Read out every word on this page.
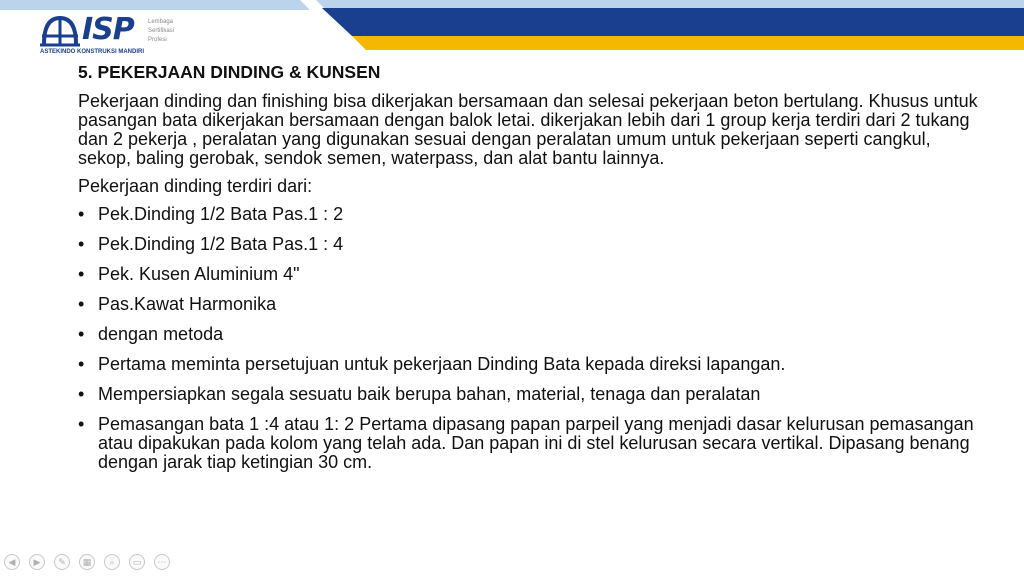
ISP Lembaga Sertifikasi Profesi
ASTEKINDO KONSTRUKSI MANDIRI
5. PEKERJAAN DINDING & KUNSEN
Pekerjaan dinding dan finishing bisa dikerjakan bersamaan dan selesai pekerjaan beton bertulang. Khusus untuk pasangan bata dikerjakan bersamaan dengan balok letai. dikerjakan lebih dari 1 group kerja terdiri dari 2 tukang dan 2 pekerja , peralatan yang digunakan sesuai dengan peralatan umum untuk pekerjaan seperti cangkul, sekop, baling gerobak, sendok semen, waterpass, dan alat bantu lainnya.
Pekerjaan dinding terdiri dari:
• Pek.Dinding 1/2 Bata Pas.1 : 2
• Pek.Dinding 1/2 Bata Pas.1 : 4
• Pek. Kusen Aluminium 4"
• Pas.Kawat Harmonika
• dengan metoda
• Pertama meminta persetujuan untuk pekerjaan Dinding Bata kepada direksi lapangan.
• Mempersiapkan segala sesuatu baik berupa bahan, material, tenaga dan peralatan
• Pemasangan bata 1 :4 atau 1: 2 Pertama dipasang papan parpeil yang menjadi dasar kelurusan pemasangan atau dipakukan pada kolom yang telah ada. Dan papan ini di stel kelurusan secara vertikal. Dipasang benang dengan jarak tiap ketingian 30 cm.
◀	▶	✎	▦	⌕	▭	⋯
